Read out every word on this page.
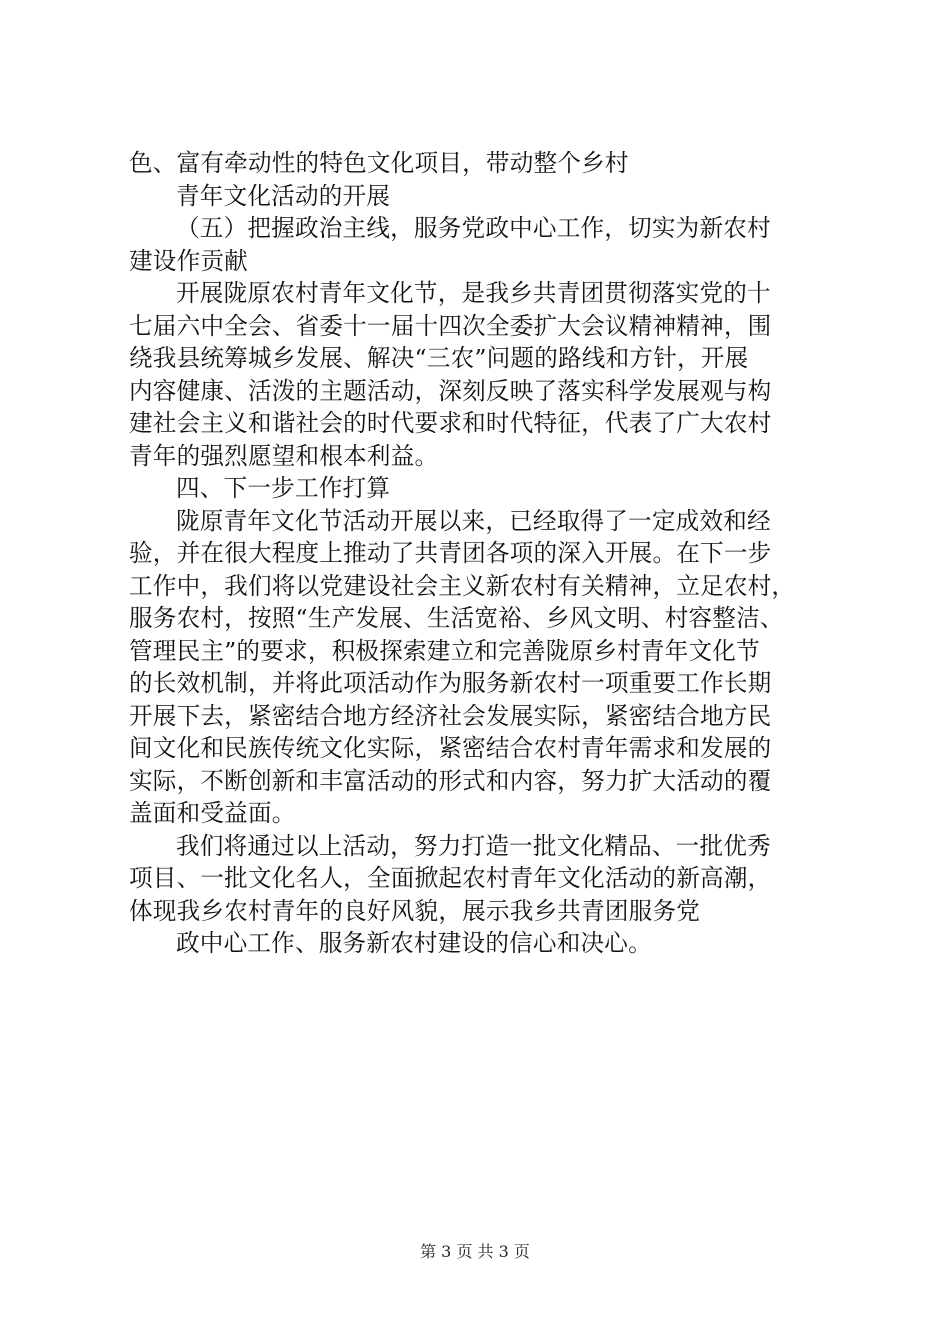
色、富有牵动性的特色文化项目，带动整个乡村
青年文化活动的开展
（五）把握政治主线，服务党政中心工作，切实为新农村
建设作贡献
开展陇原农村青年文化节，是我乡共青团贯彻落实党的十
七届六中全会、省委十一届十四次全委扩大会议精神精神，围
绕我县统筹城乡发展、解决“三农”问题的路线和方针，开展
内容健康、活泼的主题活动，深刻反映了落实科学发展观与构
建社会主义和谐社会的时代要求和时代特征，代表了广大农村
青年的强烈愿望和根本利益。
四、下一步工作打算
陇原青年文化节活动开展以来，已经取得了一定成效和经
验，并在很大程度上推动了共青团各项的深入开展。在下一步
工作中，我们将以党建设社会主义新农村有关精神，立足农村，
服务农村，按照“生产发展、生活宽裕、乡风文明、村容整洁、
管理民主”的要求，积极探索建立和完善陇原乡村青年文化节
的长效机制，并将此项活动作为服务新农村一项重要工作长期
开展下去，紧密结合地方经济社会发展实际，紧密结合地方民
间文化和民族传统文化实际，紧密结合农村青年需求和发展的
实际，不断创新和丰富活动的形式和内容，努力扩大活动的覆
盖面和受益面。
我们将通过以上活动，努力打造一批文化精品、一批优秀
项目、一批文化名人，全面掀起农村青年文化活动的新高潮，
体现我乡农村青年的良好风貌，展示我乡共青团服务党
政中心工作、服务新农村建设的信心和决心。
第 3 页 共 3 页
